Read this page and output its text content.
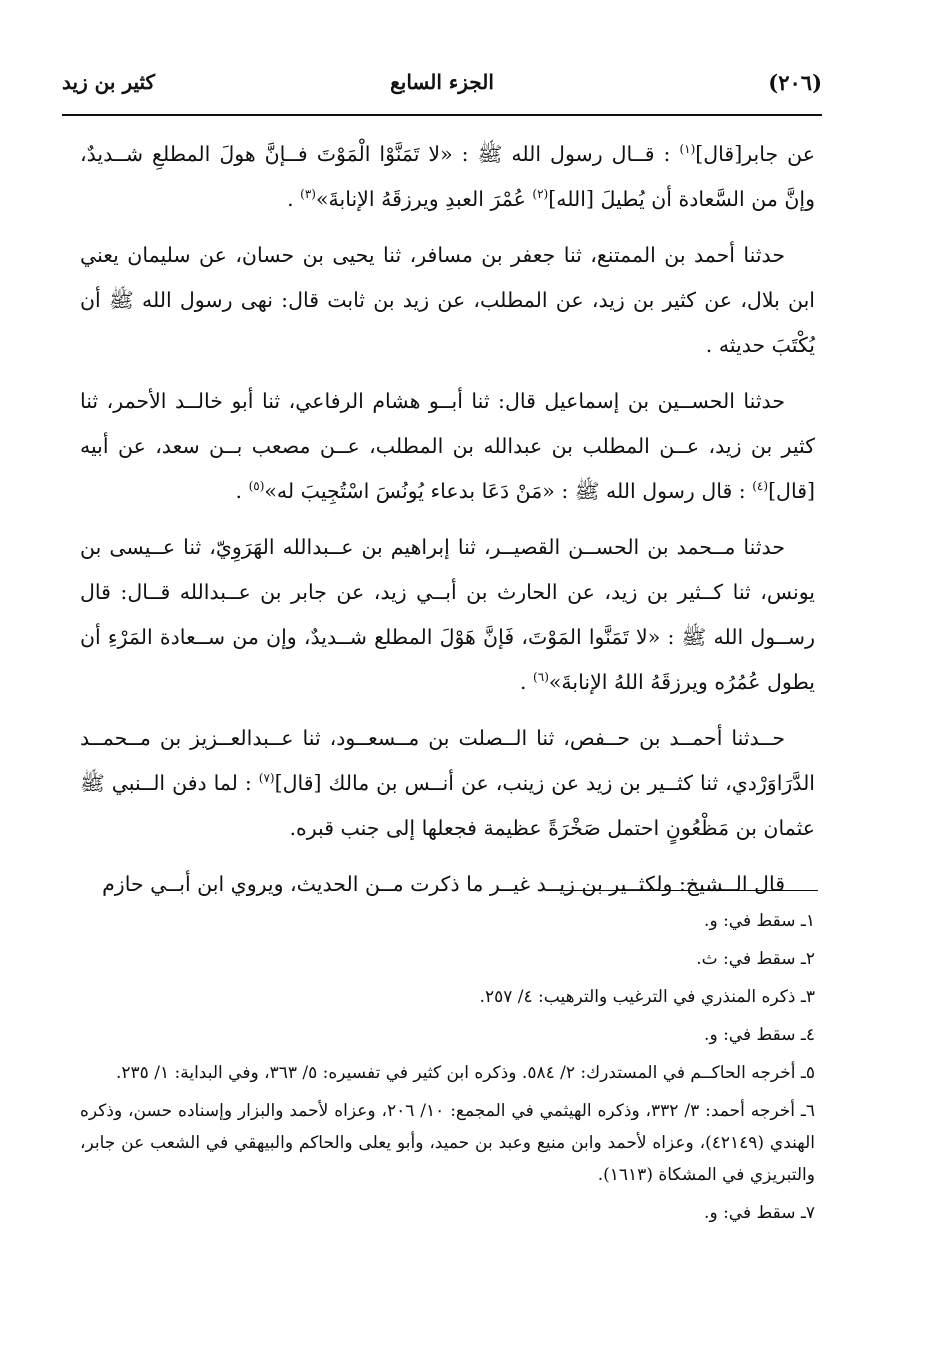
كثير بن زيد	الجزء السابع	(٢٠٦)

عن جابر[قال]$^{(١)}$ : قــال رسول الله ﷺ : «لا تَمَنَّوْا الْمَوْتَ فــإنَّ هولَ المطلعِ شــديدٌ، وإنَّ من السَّعادة أن يُطيلَ [الله]$^{(٢)}$ عُمْرَ العبدِ ويرزقَهُ الإنابةَ»$^{(٣)}$ .

حدثنا أحمد بن الممتنع، ثنا جعفر بن مسافر، ثنا يحيى بن حسان، عن سليمان يعني ابن بلال، عن كثير بن زيد، عن المطلب، عن زيد بن ثابت قال: نهى رسول الله ﷺ أن يُكْتَبَ حديثه .

حدثنا الحســين بن إسماعيل قال: ثنا أبــو هشام الرفاعي، ثنا أبو خالــد الأحمر، ثنا كثير بن زيد، عــن المطلب بن عبدالله بن المطلب، عــن مصعب بــن سعد، عن أبيه [قال]$^{(٤)}$ : قال رسول الله ﷺ : «مَنْ دَعَا بدعاء يُونُسَ اسْتُجِيبَ له»$^{(٥)}$ .

حدثنا مــحمد بن الحســن القصيــر، ثنا إبراهيم بن عــبدالله الهَرَوِيّ، ثنا عــيسى بن يونس، ثنا كــثير بن زيد، عن الحارث بن أبــي زيد، عن جابر بن عــبدالله قــال: قال رســول الله ﷺ : «لا تَمَنَّوا المَوْتَ، فَإنَّ هَوْلَ المطلع شــديدٌ، وإن من ســعادة المَرْءِ أن يطول عُمُرُه ويرزقَهُ اللهُ الإنابةَ»$^{(٦)}$ .

حــدثنا أحمــد بن حــفص، ثنا الــصلت بن مــسعــود، ثنا عــبدالعــزيز بن مــحمــد الدَّرَاوَرْدي، ثنا كثــير بن زيد عن زينب، عن أنــس بن مالك [قال]$^{(٧)}$ : لما دفن الــنبي ﷺ عثمان بن مَظْعُونٍ احتمل صَخْرَةً عظيمة فجعلها إلى جنب قبره.

قال الــشيخ: ولكثــير بن زيــد غيــر ما ذكرت مــن الحديث، ويروي ابن أبــي حازم

١ـ سقط في: و.
٢ـ سقط في: ث.
٣ـ ذكره المنذري في الترغيب والترهيب: ٤/ ٢٥٧.
٤ـ سقط في: و.
٥ـ أخرجه الحاكــم في المستدرك: ٢/ ٥٨٤. وذكره ابن كثير في تفسيره: ٥/ ٣٦٣، وفي البداية: ١/ ٢٣٥.
٦ـ أخرجه أحمد: ٣/ ٣٣٢، وذكره الهيثمي في المجمع: ١٠/ ٢٠٦، وعزاه لأحمد والبزار وإسناده حسن، وذكره الهندي (٤٢١٤٩)، وعزاه لأحمد وابن منيع وعبد بن حميد، وأبو يعلى والحاكم والبيهقي في الشعب عن جابر، والتبريزي في المشكاة (١٦١٣).
٧ـ سقط في: و.
